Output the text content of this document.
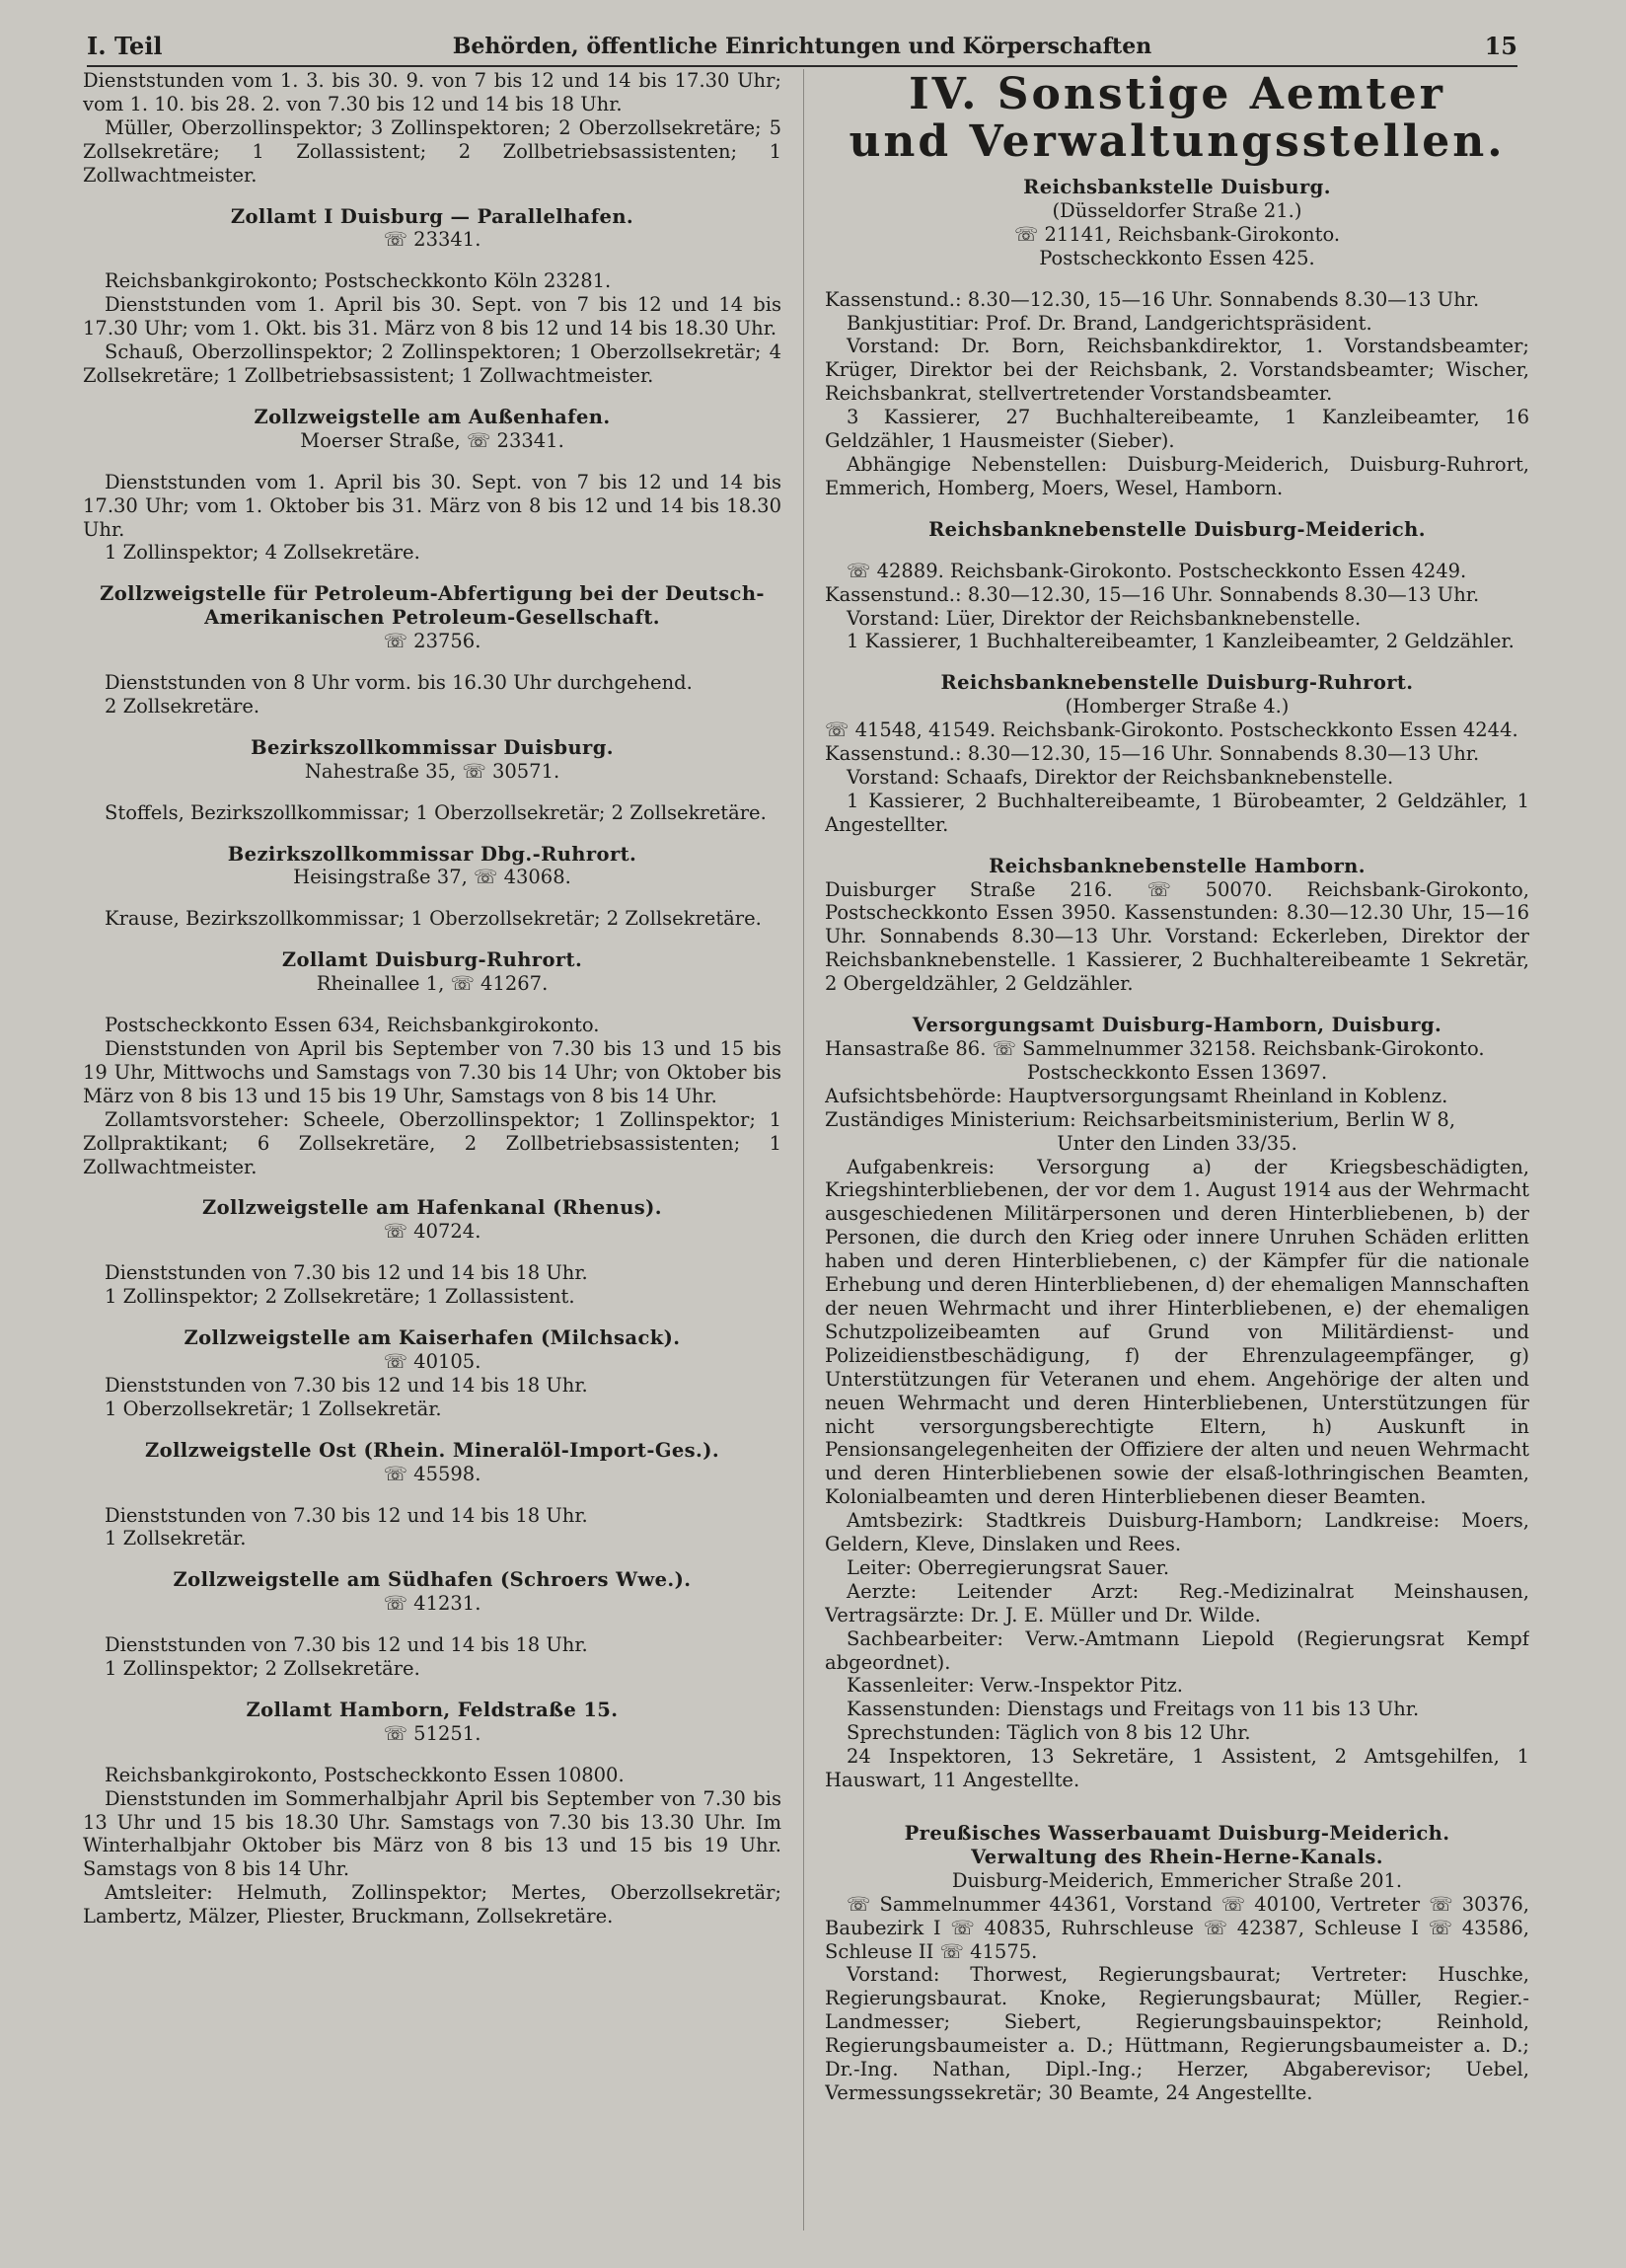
I. Teil	Behörden, öffentliche Einrichtungen und Körperschaften	15

Dienststunden vom 1. 3. bis 30. 9. von 7 bis 12 und 14 bis 17.30 Uhr; vom 1. 10. bis 28. 2. von 7.30 bis 12 und 14 bis 18 Uhr.

Müller, Oberzollinspektor; 3 Zollinspektoren; 2 Oberzollsekretäre; 5 Zollsekretäre; 1 Zollassistent; 2 Zollbetriebsassistenten; 1 Zollwachtmeister.

Zollamt I Duisburg — Parallelhafen.

☏ 23341.

Reichsbankgirokonto; Postscheckkonto Köln 23281.

Dienststunden vom 1. April bis 30. Sept. von 7 bis 12 und 14 bis 17.30 Uhr; vom 1. Okt. bis 31. März von 8 bis 12 und 14 bis 18.30 Uhr.

Schauß, Oberzollinspektor; 2 Zollinspektoren; 1 Oberzollsekretär; 4 Zollsekretäre; 1 Zollbetriebsassistent; 1 Zollwachtmeister.

Zollzweigstelle am Außenhafen.

Moerser Straße, ☏ 23341.

Dienststunden vom 1. April bis 30. Sept. von 7 bis 12 und 14 bis 17.30 Uhr; vom 1. Oktober bis 31. März von 8 bis 12 und 14 bis 18.30 Uhr.

1 Zollinspektor; 4 Zollsekretäre.

Zollzweigstelle für Petroleum-Abfertigung bei der Deutsch-Amerikanischen Petroleum-Gesellschaft.

☏ 23756.

Dienststunden von 8 Uhr vorm. bis 16.30 Uhr durchgehend.

2 Zollsekretäre.

Bezirkszollkommissar Duisburg.

Nahestraße 35, ☏ 30571.

Stoffels, Bezirkszollkommissar; 1 Oberzollsekretär; 2 Zollsekretäre.

Bezirkszollkommissar Dbg.-Ruhrort.

Heisingstraße 37, ☏ 43068.

Krause, Bezirkszollkommissar; 1 Oberzollsekretär; 2 Zollsekretäre.

Zollamt Duisburg-Ruhrort.

Rheinallee 1, ☏ 41267.

Postscheckkonto Essen 634, Reichsbankgirokonto.

Dienststunden von April bis September von 7.30 bis 13 und 15 bis 19 Uhr, Mittwochs und Samstags von 7.30 bis 14 Uhr; von Oktober bis März von 8 bis 13 und 15 bis 19 Uhr, Samstags von 8 bis 14 Uhr.

Zollamtsvorsteher: Scheele, Oberzollinspektor; 1 Zollinspektor; 1 Zollpraktikant; 6 Zollsekretäre, 2 Zollbetriebsassistenten; 1 Zollwachtmeister.

Zollzweigstelle am Hafenkanal (Rhenus).

☏ 40724.

Dienststunden von 7.30 bis 12 und 14 bis 18 Uhr.

1 Zollinspektor; 2 Zollsekretäre; 1 Zollassistent.

Zollzweigstelle am Kaiserhafen (Milchsack).

☏ 40105.

Dienststunden von 7.30 bis 12 und 14 bis 18 Uhr.

1 Oberzollsekretär; 1 Zollsekretär.

Zollzweigstelle Ost (Rhein. Mineralöl-Import-Ges.).

☏ 45598.

Dienststunden von 7.30 bis 12 und 14 bis 18 Uhr.

1 Zollsekretär.

Zollzweigstelle am Südhafen (Schroers Wwe.).

☏ 41231.

Dienststunden von 7.30 bis 12 und 14 bis 18 Uhr.

1 Zollinspektor; 2 Zollsekretäre.

Zollamt Hamborn, Feldstraße 15.

☏ 51251.

Reichsbankgirokonto, Postscheckkonto Essen 10800.

Dienststunden im Sommerhalbjahr April bis September von 7.30 bis 13 Uhr und 15 bis 18.30 Uhr. Samstags von 7.30 bis 13.30 Uhr. Im Winterhalbjahr Oktober bis März von 8 bis 13 und 15 bis 19 Uhr. Samstags von 8 bis 14 Uhr.

Amtsleiter: Helmuth, Zollinspektor; Mertes, Oberzollsekretär; Lambertz, Mälzer, Pliester, Bruckmann, Zollsekretäre.

IV. Sonstige Aemter
und Verwaltungsstellen.

Reichsbankstelle Duisburg.

(Düsseldorfer Straße 21.)

☏ 21141, Reichsbank-Girokonto.

Postscheckkonto Essen 425.

Kassenstund.: 8.30—12.30, 15—16 Uhr. Sonnabends 8.30—13 Uhr.

Bankjustitiar: Prof. Dr. Brand, Landgerichtspräsident.

Vorstand: Dr. Born, Reichsbankdirektor, 1. Vorstandsbeamter; Krüger, Direktor bei der Reichsbank, 2. Vorstandsbeamter; Wischer, Reichsbankrat, stellvertretender Vorstandsbeamter.

3 Kassierer, 27 Buchhaltereibeamte, 1 Kanzleibeamter, 16 Geldzähler, 1 Hausmeister (Sieber).

Abhängige Nebenstellen: Duisburg-Meiderich, Duisburg-Ruhrort, Emmerich, Homberg, Moers, Wesel, Hamborn.

Reichsbanknebenstelle Duisburg-Meiderich.

☏ 42889. Reichsbank-Girokonto. Postscheckkonto Essen 4249.

Kassenstund.: 8.30—12.30, 15—16 Uhr. Sonnabends 8.30—13 Uhr.

Vorstand: Lüer, Direktor der Reichsbanknebenstelle.

1 Kassierer, 1 Buchhaltereibeamter, 1 Kanzleibeamter, 2 Geldzähler.

Reichsbanknebenstelle Duisburg-Ruhrort.

(Homberger Straße 4.)

☏ 41548, 41549. Reichsbank-Girokonto. Postscheckkonto Essen 4244.

Kassenstund.: 8.30—12.30, 15—16 Uhr. Sonnabends 8.30—13 Uhr.

Vorstand: Schaafs, Direktor der Reichsbanknebenstelle.

1 Kassierer, 2 Buchhaltereibeamte, 1 Bürobeamter, 2 Geldzähler, 1 Angestellter.

Reichsbanknebenstelle Hamborn.

Duisburger Straße 216. ☏ 50070. Reichsbank-Girokonto, Postscheckkonto Essen 3950. Kassenstunden: 8.30—12.30 Uhr, 15—16 Uhr. Sonnabends 8.30—13 Uhr. Vorstand: Eckerleben, Direktor der Reichsbanknebenstelle. 1 Kassierer, 2 Buchhaltereibeamte 1 Sekretär, 2 Obergeldzähler, 2 Geldzähler.

Versorgungsamt Duisburg-Hamborn, Duisburg.

Hansastraße 86. ☏ Sammelnummer 32158. Reichsbank-Girokonto.

Postscheckkonto Essen 13697.

Aufsichtsbehörde: Hauptversorgungsamt Rheinland in Koblenz.

Zuständiges Ministerium: Reichsarbeitsministerium, Berlin W 8,

Unter den Linden 33/35.

Aufgabenkreis: Versorgung a) der Kriegsbeschädigten, Kriegshinterbliebenen, der vor dem 1. August 1914 aus der Wehrmacht ausgeschiedenen Militärpersonen und deren Hinterbliebenen, b) der Personen, die durch den Krieg oder innere Unruhen Schäden erlitten haben und deren Hinterbliebenen, c) der Kämpfer für die nationale Erhebung und deren Hinterbliebenen, d) der ehemaligen Mannschaften der neuen Wehrmacht und ihrer Hinterbliebenen, e) der ehemaligen Schutzpolizeibeamten auf Grund von Militärdienst- und Polizeidienstbeschädigung, f) der Ehrenzulageempfänger, g) Unterstützungen für Veteranen und ehem. Angehörige der alten und neuen Wehrmacht und deren Hinterbliebenen, Unterstützungen für nicht versorgungsberechtigte Eltern, h) Auskunft in Pensionsangelegenheiten der Offiziere der alten und neuen Wehrmacht und deren Hinterbliebenen sowie der elsaß-lothringischen Beamten, Kolonialbeamten und deren Hinterbliebenen dieser Beamten.

Amtsbezirk: Stadtkreis Duisburg-Hamborn; Landkreise: Moers, Geldern, Kleve, Dinslaken und Rees.

Leiter: Oberregierungsrat Sauer.

Aerzte: Leitender Arzt: Reg.-Medizinalrat Meinshausen, Vertragsärzte: Dr. J. E. Müller und Dr. Wilde.

Sachbearbeiter: Verw.-Amtmann Liepold (Regierungsrat Kempf abgeordnet).

Kassenleiter: Verw.-Inspektor Pitz.

Kassenstunden: Dienstags und Freitags von 11 bis 13 Uhr.

Sprechstunden: Täglich von 8 bis 12 Uhr.

24 Inspektoren, 13 Sekretäre, 1 Assistent, 2 Amtsgehilfen, 1 Hauswart, 11 Angestellte.

Preußisches Wasserbauamt Duisburg-Meiderich.

Verwaltung des Rhein-Herne-Kanals.

Duisburg-Meiderich, Emmericher Straße 201.

☏ Sammelnummer 44361, Vorstand ☏ 40100, Vertreter ☏ 30376, Baubezirk I ☏ 40835, Ruhrschleuse ☏ 42387, Schleuse I ☏ 43586, Schleuse II ☏ 41575.

Vorstand: Thorwest, Regierungsbaurat; Vertreter: Huschke, Regierungsbaurat. Knoke, Regierungsbaurat; Müller, Regier.-Landmesser; Siebert, Regierungsbauinspektor; Reinhold, Regierungsbaumeister a. D.; Hüttmann, Regierungsbaumeister a. D.; Dr.-Ing. Nathan, Dipl.-Ing.; Herzer, Abgaberevisor; Uebel, Vermessungssekretär; 30 Beamte, 24 Angestellte.
